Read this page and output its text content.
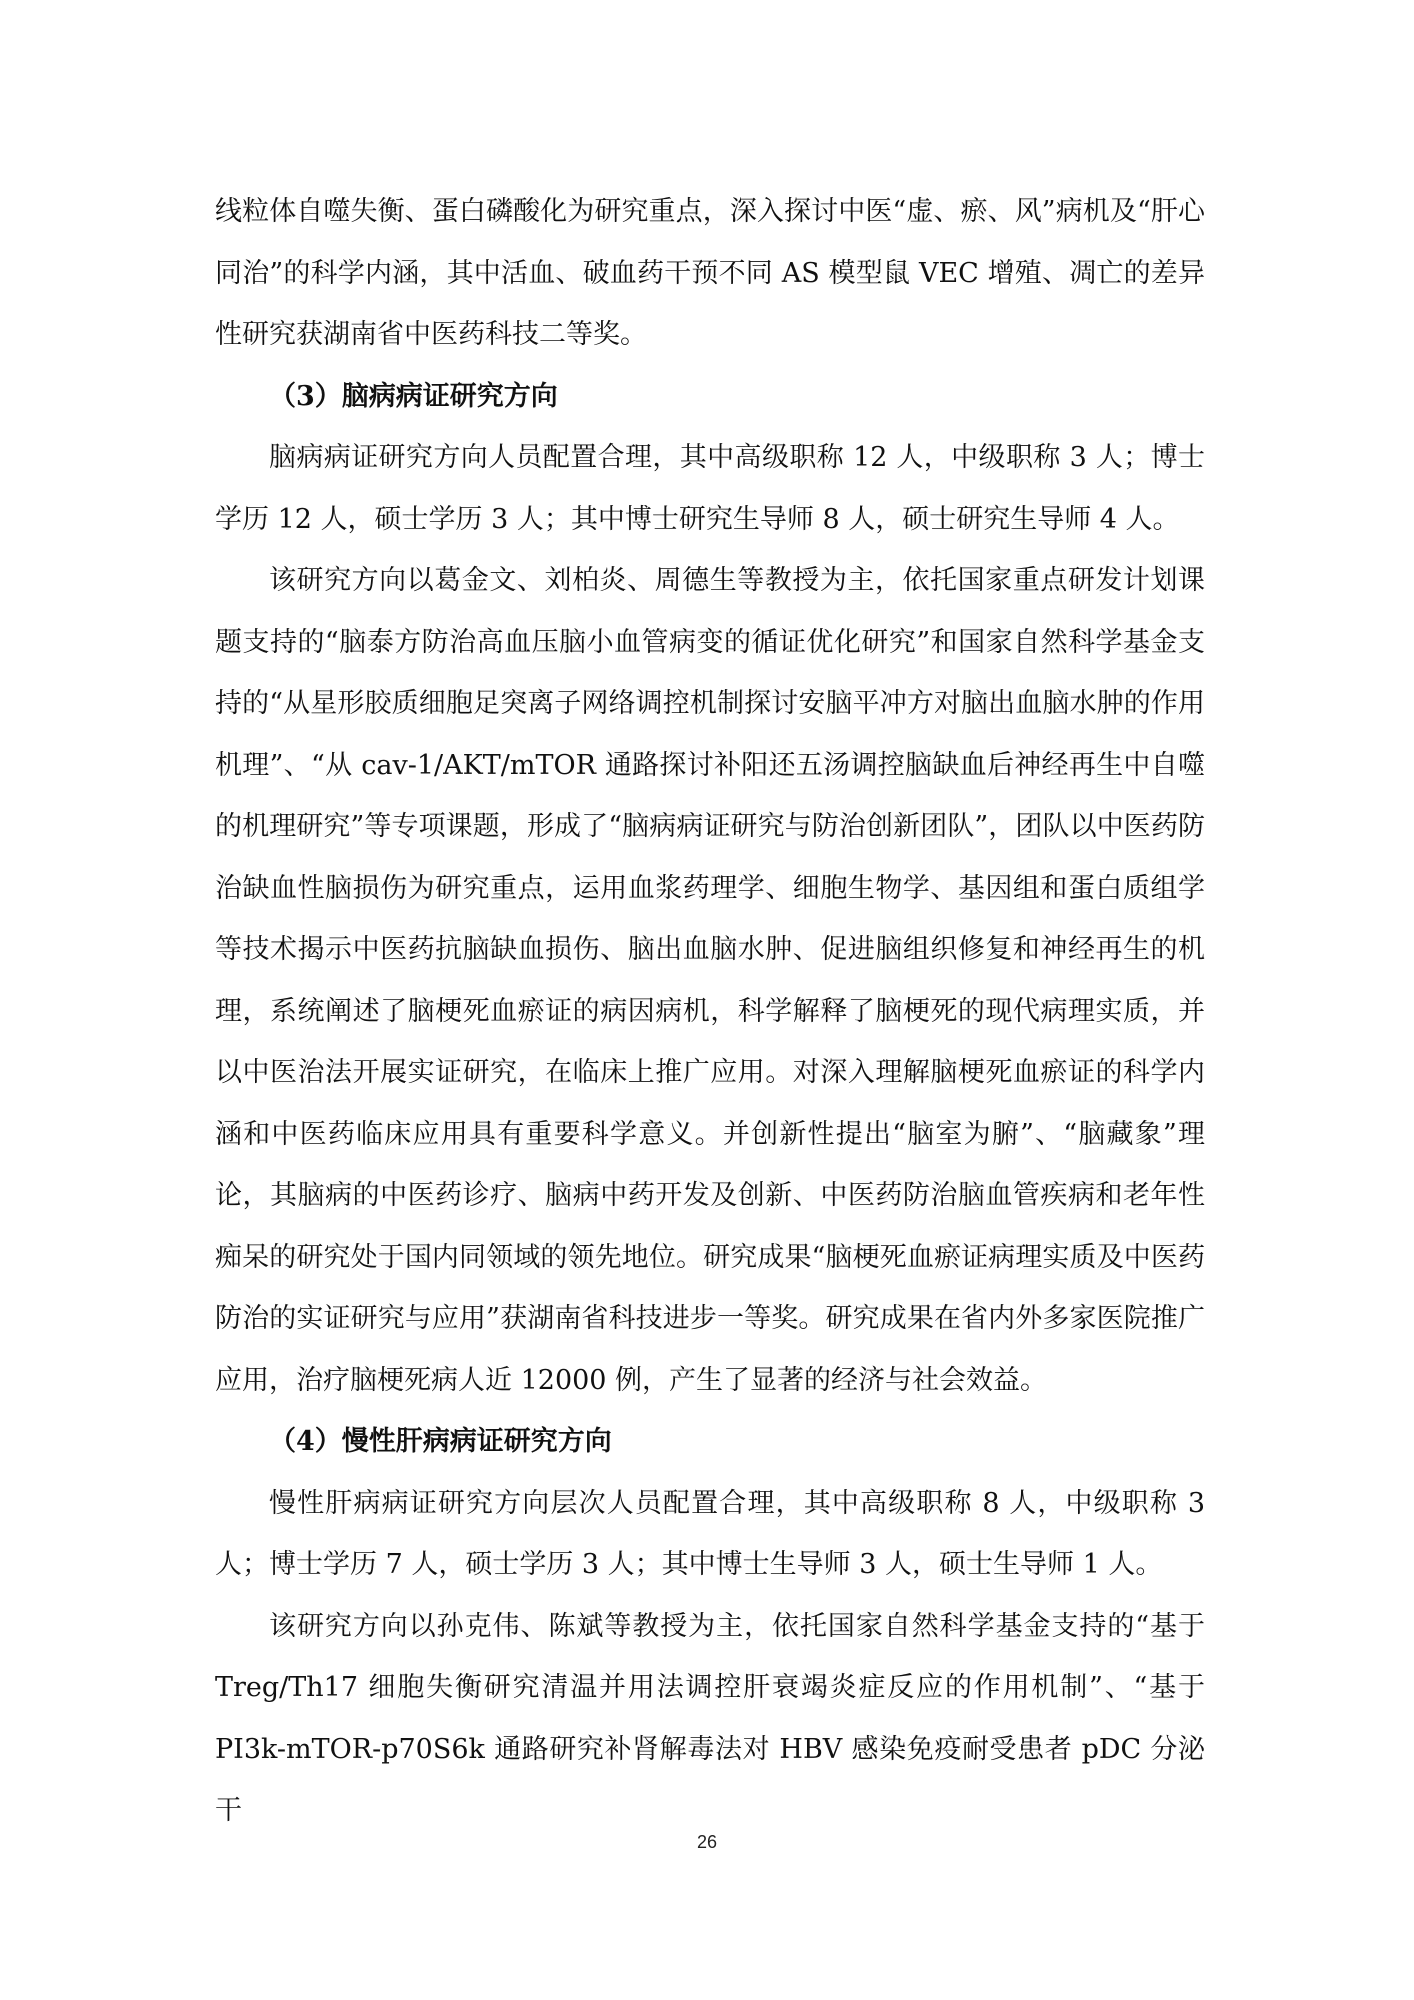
线粒体自噬失衡、蛋白磷酸化为研究重点，深入探讨中医“虚、瘀、风”病机及“肝心同治”的科学内涵，其中活血、破血药干预不同 AS 模型鼠 VEC 增殖、凋亡的差异性研究获湖南省中医药科技二等奖。

（3）脑病病证研究方向

脑病病证研究方向人员配置合理，其中高级职称 12 人，中级职称 3 人；博士学历 12 人，硕士学历 3 人；其中博士研究生导师 8 人，硕士研究生导师 4 人。

该研究方向以葛金文、刘柏炎、周德生等教授为主，依托国家重点研发计划课题支持的“脑泰方防治高血压脑小血管病变的循证优化研究”和国家自然科学基金支持的“从星形胶质细胞足突离子网络调控机制探讨安脑平冲方对脑出血脑水肿的作用机理”、“从 cav-1/AKT/mTOR 通路探讨补阳还五汤调控脑缺血后神经再生中自噬的机理研究”等专项课题，形成了“脑病病证研究与防治创新团队”，团队以中医药防治缺血性脑损伤为研究重点，运用血浆药理学、细胞生物学、基因组和蛋白质组学等技术揭示中医药抗脑缺血损伤、脑出血脑水肿、促进脑组织修复和神经再生的机理，系统阐述了脑梗死血瘀证的病因病机，科学解释了脑梗死的现代病理实质，并以中医治法开展实证研究，在临床上推广应用。对深入理解脑梗死血瘀证的科学内涵和中医药临床应用具有重要科学意义。并创新性提出“脑室为腑”、“脑藏象”理论，其脑病的中医药诊疗、脑病中药开发及创新、中医药防治脑血管疾病和老年性痴呆的研究处于国内同领域的领先地位。研究成果“脑梗死血瘀证病理实质及中医药防治的实证研究与应用”获湖南省科技进步一等奖。研究成果在省内外多家医院推广应用，治疗脑梗死病人近 12000 例，产生了显著的经济与社会效益。

（4）慢性肝病病证研究方向

慢性肝病病证研究方向层次人员配置合理，其中高级职称 8 人，中级职称 3 人；博士学历 7 人，硕士学历 3 人；其中博士生导师 3 人，硕士生导师 1 人。

该研究方向以孙克伟、陈斌等教授为主，依托国家自然科学基金支持的“基于 Treg/Th17 细胞失衡研究清温并用法调控肝衰竭炎症反应的作用机制”、“基于 PI3k-mTOR-p70S6k 通路研究补肾解毒法对 HBV 感染免疫耐受患者 pDC 分泌干

26
